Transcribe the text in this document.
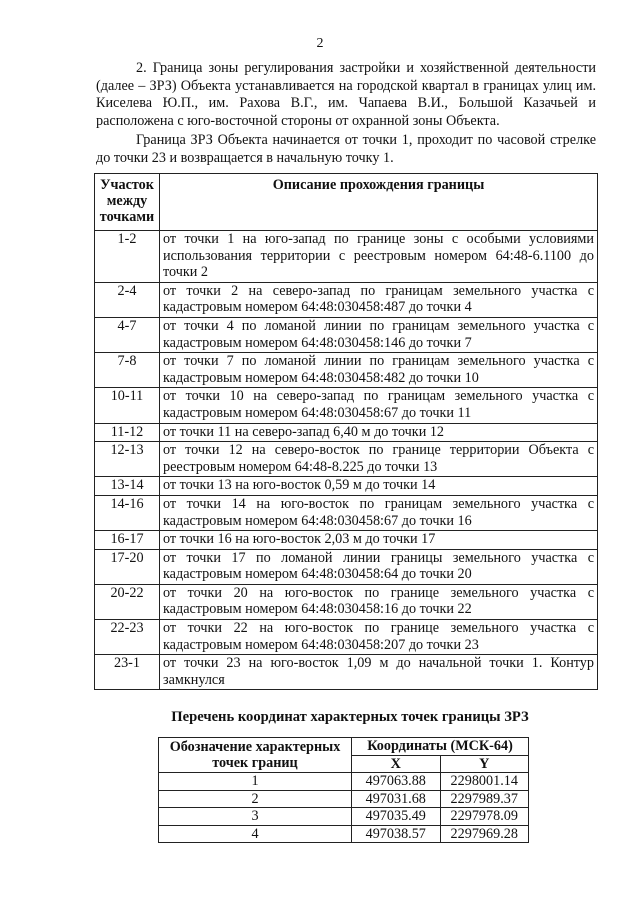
2

2. Граница зоны регулирования застройки и хозяйственной деятельности (далее – ЗРЗ) Объекта устанавливается на городской квартал в границах улиц им. Киселева Ю.П., им. Рахова В.Г., им. Чапаева В.И., Большой Казачьей и расположена с юго-восточной стороны от охранной зоны Объекта.

Граница ЗРЗ Объекта начинается от точки 1, проходит по часовой стрелке до точки 23 и возвращается в начальную точку 1.

Участок между точками	Описание прохождения границы
1-2	от точки 1 на юго-запад по границе зоны с особыми условиями использования территории с реестровым номером 64:48-6.1100 до точки 2
2-4	от точки 2 на северо-запад по границам земельного участка с кадастровым номером 64:48:030458:487 до точки 4
4-7	от точки 4 по ломаной линии по границам земельного участка с кадастровым номером 64:48:030458:146 до точки 7
7-8	от точки 7 по ломаной линии по границам земельного участка с кадастровым номером 64:48:030458:482 до точки 10
10-11	от точки 10 на северо-запад по границам земельного участка с кадастровым номером 64:48:030458:67 до точки 11
11-12	от точки 11 на северо-запад 6,40 м до точки 12
12-13	от точки 12 на северо-восток по границе территории Объекта с реестровым номером 64:48-8.225 до точки 13
13-14	от точки 13 на юго-восток 0,59 м до точки 14
14-16	от точки 14 на юго-восток по границам земельного участка с кадастровым номером 64:48:030458:67 до точки 16
16-17	от точки 16 на юго-восток 2,03 м до точки 17
17-20	от точки 17 по ломаной линии границы земельного участка с кадастровым номером 64:48:030458:64 до точки 20
20-22	от точки 20 на юго-восток по границе земельного участка с кадастровым номером 64:48:030458:16 до точки 22
22-23	от точки 22 на юго-восток по границе земельного участка с кадастровым номером 64:48:030458:207 до точки 23
23-1	от точки 23 на юго-восток 1,09 м до начальной точки 1. Контур замкнулся
Перечень координат характерных точек границы ЗРЗ
Обозначение характерных точек границ	Координаты (МСК-64)	
	X	Y
1	497063.88	2298001.14
2	497031.68	2297989.37
3	497035.49	2297978.09
4	497038.57	2297969.28
